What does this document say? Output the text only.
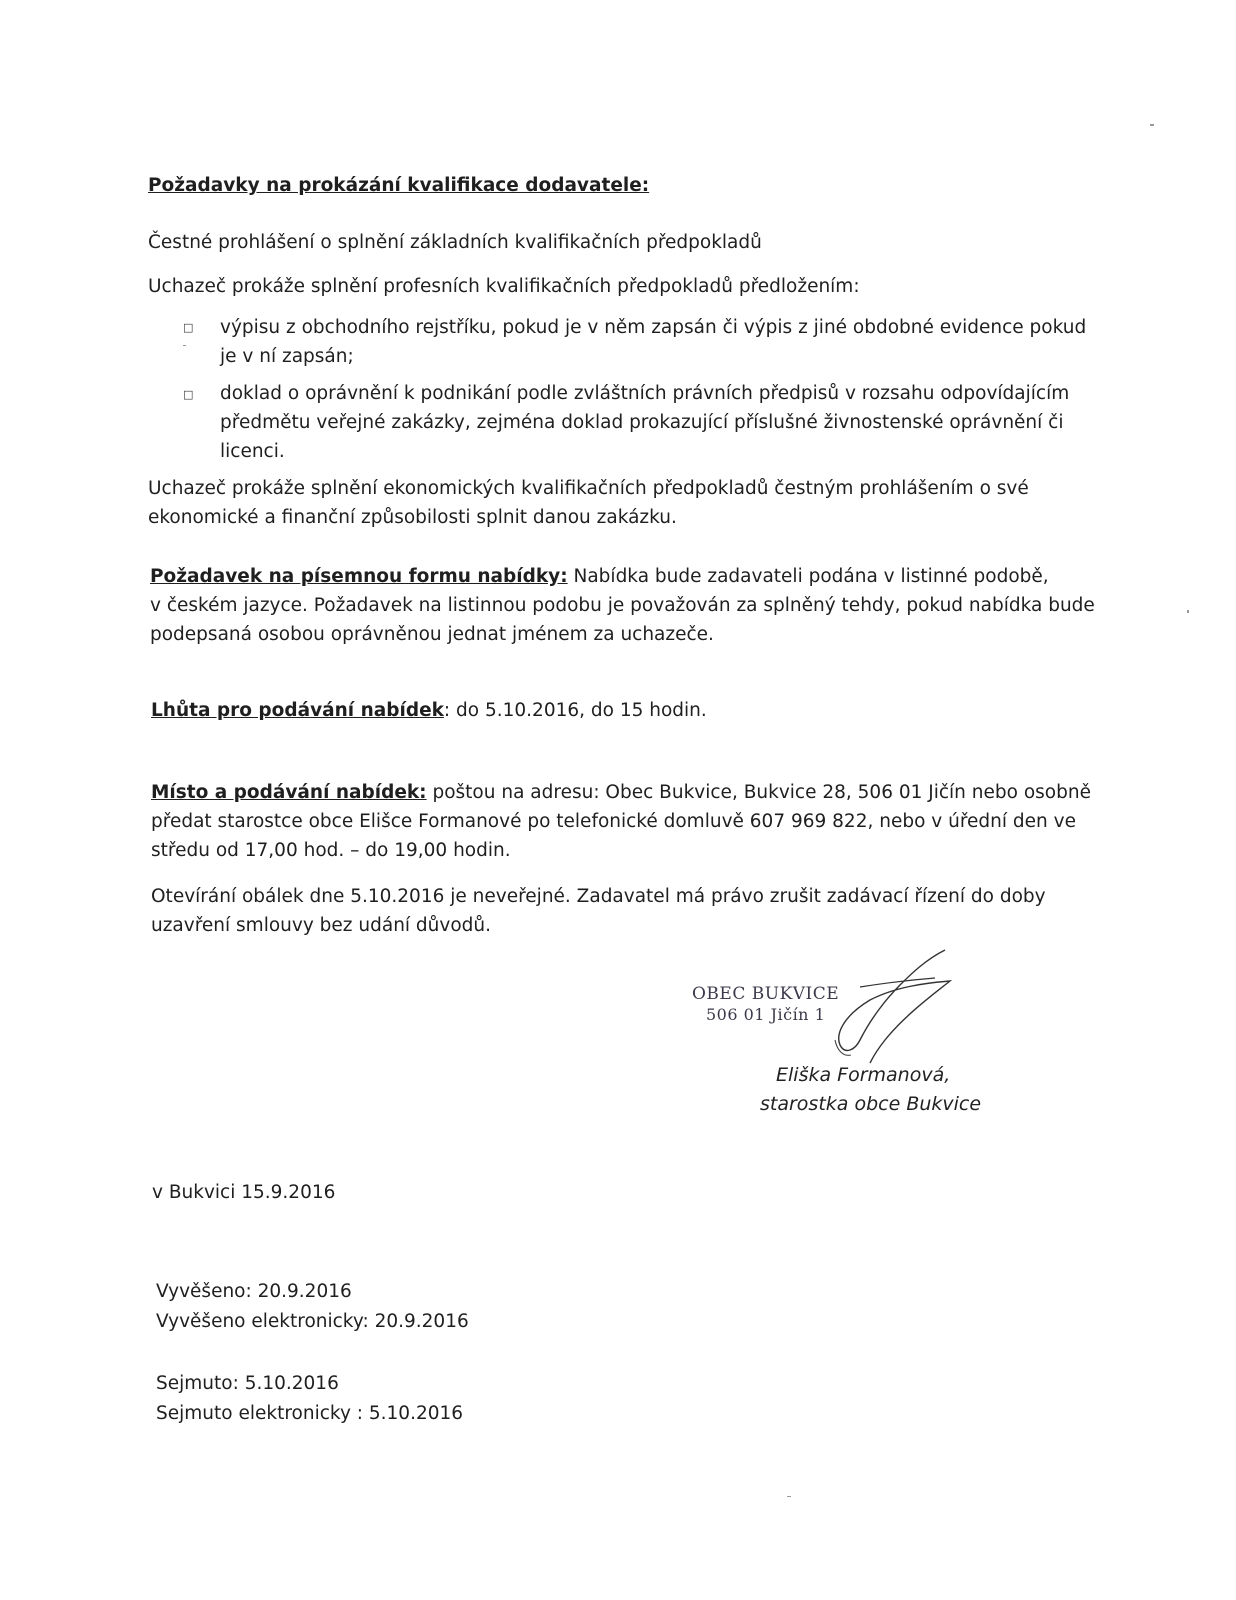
Požadavky na prokázání kvalifikace dodavatele:
Čestné prohlášení o splnění základních kvalifikačních předpokladů
Uchazeč prokáže splnění profesních kvalifikačních předpokladů předložením:
□ výpisu z obchodního rejstříku, pokud je v něm zapsán či výpis z jiné obdobné evidence pokud
je v ní zapsán;
□ doklad o oprávnění k podnikání podle zvláštních právních předpisů v rozsahu odpovídajícím
předmětu veřejné zakázky, zejména doklad prokazující příslušné živnostenské oprávnění či
licenci.
Uchazeč prokáže splnění ekonomických kvalifikačních předpokladů čestným prohlášením o své
ekonomické a finanční způsobilosti splnit danou zakázku.
Požadavek na písemnou formu nabídky: Nabídka bude zadavateli podána v listinné podobě,
v českém jazyce. Požadavek na listinnou podobu je považován za splněný tehdy, pokud nabídka bude
podepsaná osobou oprávněnou jednat jménem za uchazeče.
Lhůta pro podávání nabídek: do 5.10.2016, do 15 hodin.
Místo a podávání nabídek: poštou na adresu: Obec Bukvice, Bukvice 28, 506 01 Jičín nebo osobně
předat starostce obce Elišce Formanové po telefonické domluvě 607 969 822, nebo v úřední den ve
středu od 17,00 hod. – do 19,00 hodin.
Otevírání obálek dne 5.10.2016 je neveřejné. Zadavatel má právo zrušit zadávací řízení do doby
uzavření smlouvy bez udání důvodů.
OBEC BUKVICE
506 01 Jičín 1
Eliška Formanová,
starostka obce Bukvice
v Bukvici 15.9.2016
Vyvěšeno: 20.9.2016
Vyvěšeno elektronicky: 20.9.2016
Sejmuto: 5.10.2016
Sejmuto elektronicky : 5.10.2016
